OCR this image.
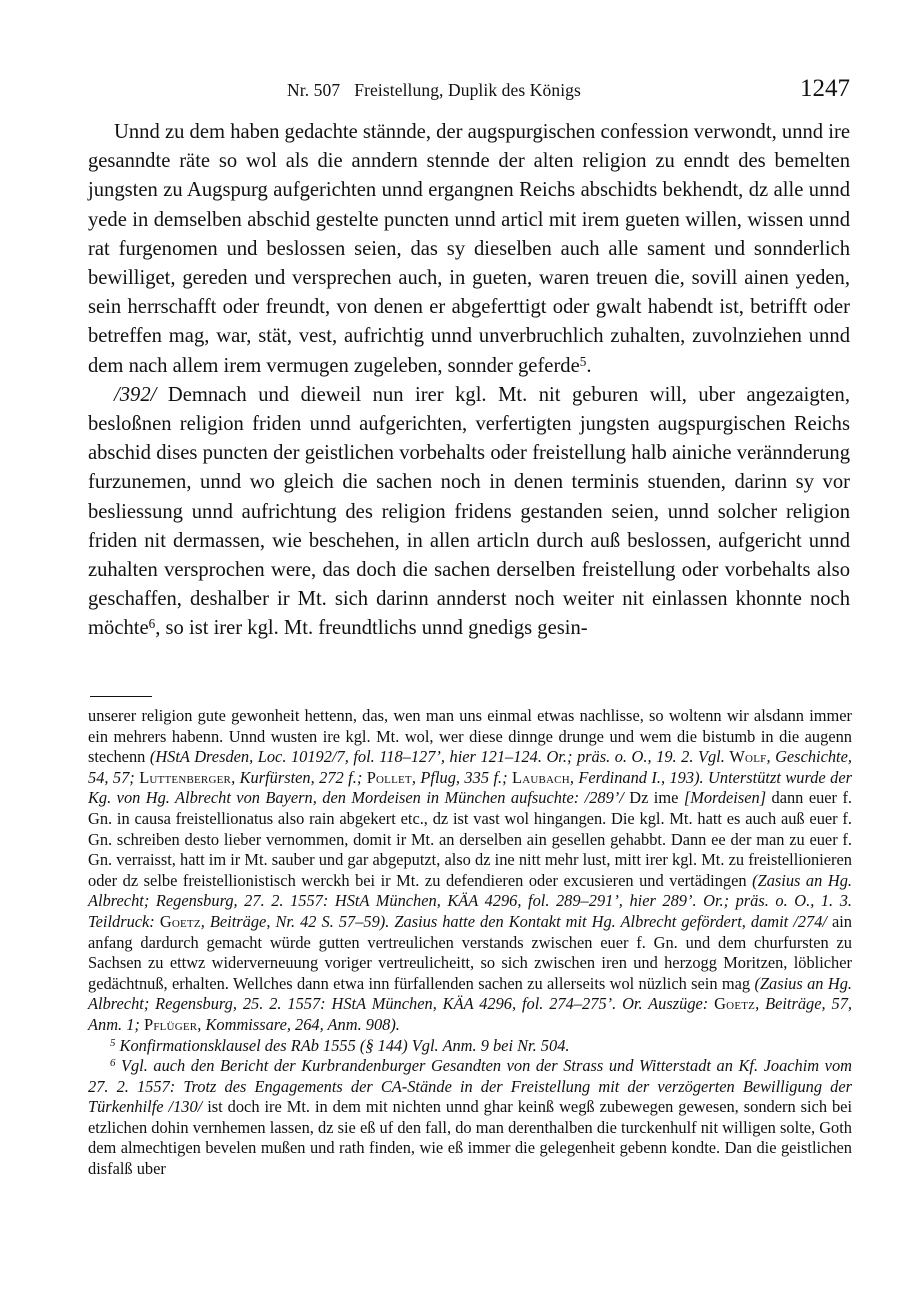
Nr. 507 Freistellung, Duplik des Königs	1247

Unnd zu dem haben gedachte stännde, der augspurgischen confession verwondt, unnd ire gesanndte räte so wol als die anndern stennde der alten religion zu enndt des bemelten jungsten zu Augspurg aufgerichten unnd ergangnen Reichs abschidts bekhendt, dz alle unnd yede in demselben abschid gestelte puncten unnd articl mit irem gueten willen, wissen unnd rat furgenomen und beslossen seien, das sy dieselben auch alle sament und sonnderlich bewilliget, gereden und versprechen auch, in gueten, waren treuen die, sovill ainen yeden, sein herrschafft oder freundt, von denen er abgeferttigt oder gwalt habendt ist, betrifft oder betreffen mag, war, stät, vest, aufrichtig unnd unverbruchlich zuhalten, zuvolnziehen unnd dem nach allem irem vermugen zugeleben, sonnder geferde$^5$.

/392/ Demnach und dieweil nun irer kgl. Mt. nit geburen will, uber angezaigten, besloßnen religion friden unnd aufgerichten, verfertigten jungsten augspurgischen Reichs abschid dises puncten der geistlichen vorbehalts oder freistellung halb ainiche verännderung furzunemen, unnd wo gleich die sachen noch in denen terminis stuenden, darinn sy vor besliessung unnd aufrichtung des religion fridens gestanden seien, unnd solcher religion friden nit dermassen, wie beschehen, in allen articln durch auß beslossen, aufgericht unnd zuhalten versprochen were, das doch die sachen derselben freistellung oder vorbehalts also geschaffen, deshalber ir Mt. sich darinn annderst noch weiter nit einlassen khonnte noch möchte$^6$, so ist irer kgl. Mt. freundtlichs unnd gnedigs gesin-

unserer religion gute gewonheit hettenn, das, wen man uns einmal etwas nachlisse, so woltenn wir alsdann immer ein mehrers habenn. Unnd wusten ire kgl. Mt. wol, wer diese dinnge drunge und wem die bistumb in die augenn stechenn (HStA Dresden, Loc. 10192/7, fol. 118–127’, hier 121–124. Or.; präs. o. O., 19. 2. Vgl. Wolf, Geschichte, 54, 57; Luttenberger, Kurfürsten, 272 f.; Pollet, Pflug, 335 f.; Laubach, Ferdinand I., 193). Unterstützt wurde der Kg. von Hg. Albrecht von Bayern, den Mordeisen in München aufsuchte: /289’/ Dz ime [Mordeisen] dann euer f. Gn. in causa freistellionatus also rain abgekert etc., dz ist vast wol hingangen. Die kgl. Mt. hatt es auch auß euer f. Gn. schreiben desto lieber vernommen, domit ir Mt. an derselben ain gesellen gehabbt. Dann ee der man zu euer f. Gn. verraisst, hatt im ir Mt. sauber und gar abgeputzt, also dz ine nitt mehr lust, mitt irer kgl. Mt. zu freistellionieren oder dz selbe freistellionistisch werckh bei ir Mt. zu defendieren oder excusieren und vertädingen (Zasius an Hg. Albrecht; Regensburg, 27. 2. 1557: HStA München, KÄA 4296, fol. 289–291’, hier 289’. Or.; präs. o. O., 1. 3. Teildruck: Goetz, Beiträge, Nr. 42 S. 57–59). Zasius hatte den Kontakt mit Hg. Albrecht gefördert, damit /274/ ain anfang dardurch gemacht würde gutten vertreulichen verstands zwischen euer f. Gn. und dem churfursten zu Sachsen zu ettwz widerverneuung voriger vertreulicheitt, so sich zwischen iren und herzogg Moritzen, löblicher gedächtnuß, erhalten. Wellches dann etwa inn fürfallenden sachen zu allerseits wol nüzlich sein mag (Zasius an Hg. Albrecht; Regensburg, 25. 2. 1557: HStA München, KÄA 4296, fol. 274–275’. Or. Auszüge: Goetz, Beiträge, 57, Anm. 1; Pflüger, Kommissare, 264, Anm. 908).

$^5$ Konfirmationsklausel des RAb 1555 (§ 144) Vgl. Anm. 9 bei Nr. 504.

$^6$ Vgl. auch den Bericht der Kurbrandenburger Gesandten von der Strass und Witterstadt an Kf. Joachim vom 27. 2. 1557: Trotz des Engagements der CA-Stände in der Freistellung mit der verzögerten Bewilligung der Türkenhilfe /130/ ist doch ire Mt. in dem mit nichten unnd ghar keinß wegß zubewegen gewesen, sondern sich bei etzlichen dohin vernhemen lassen, dz sie eß uf den fall, do man derenthalben die turckenhulf nit willigen solte, Goth dem almechtigen bevelen mußen und rath finden, wie eß immer die gelegenheit gebenn kondte. Dan die geistlichen disfalß uber
